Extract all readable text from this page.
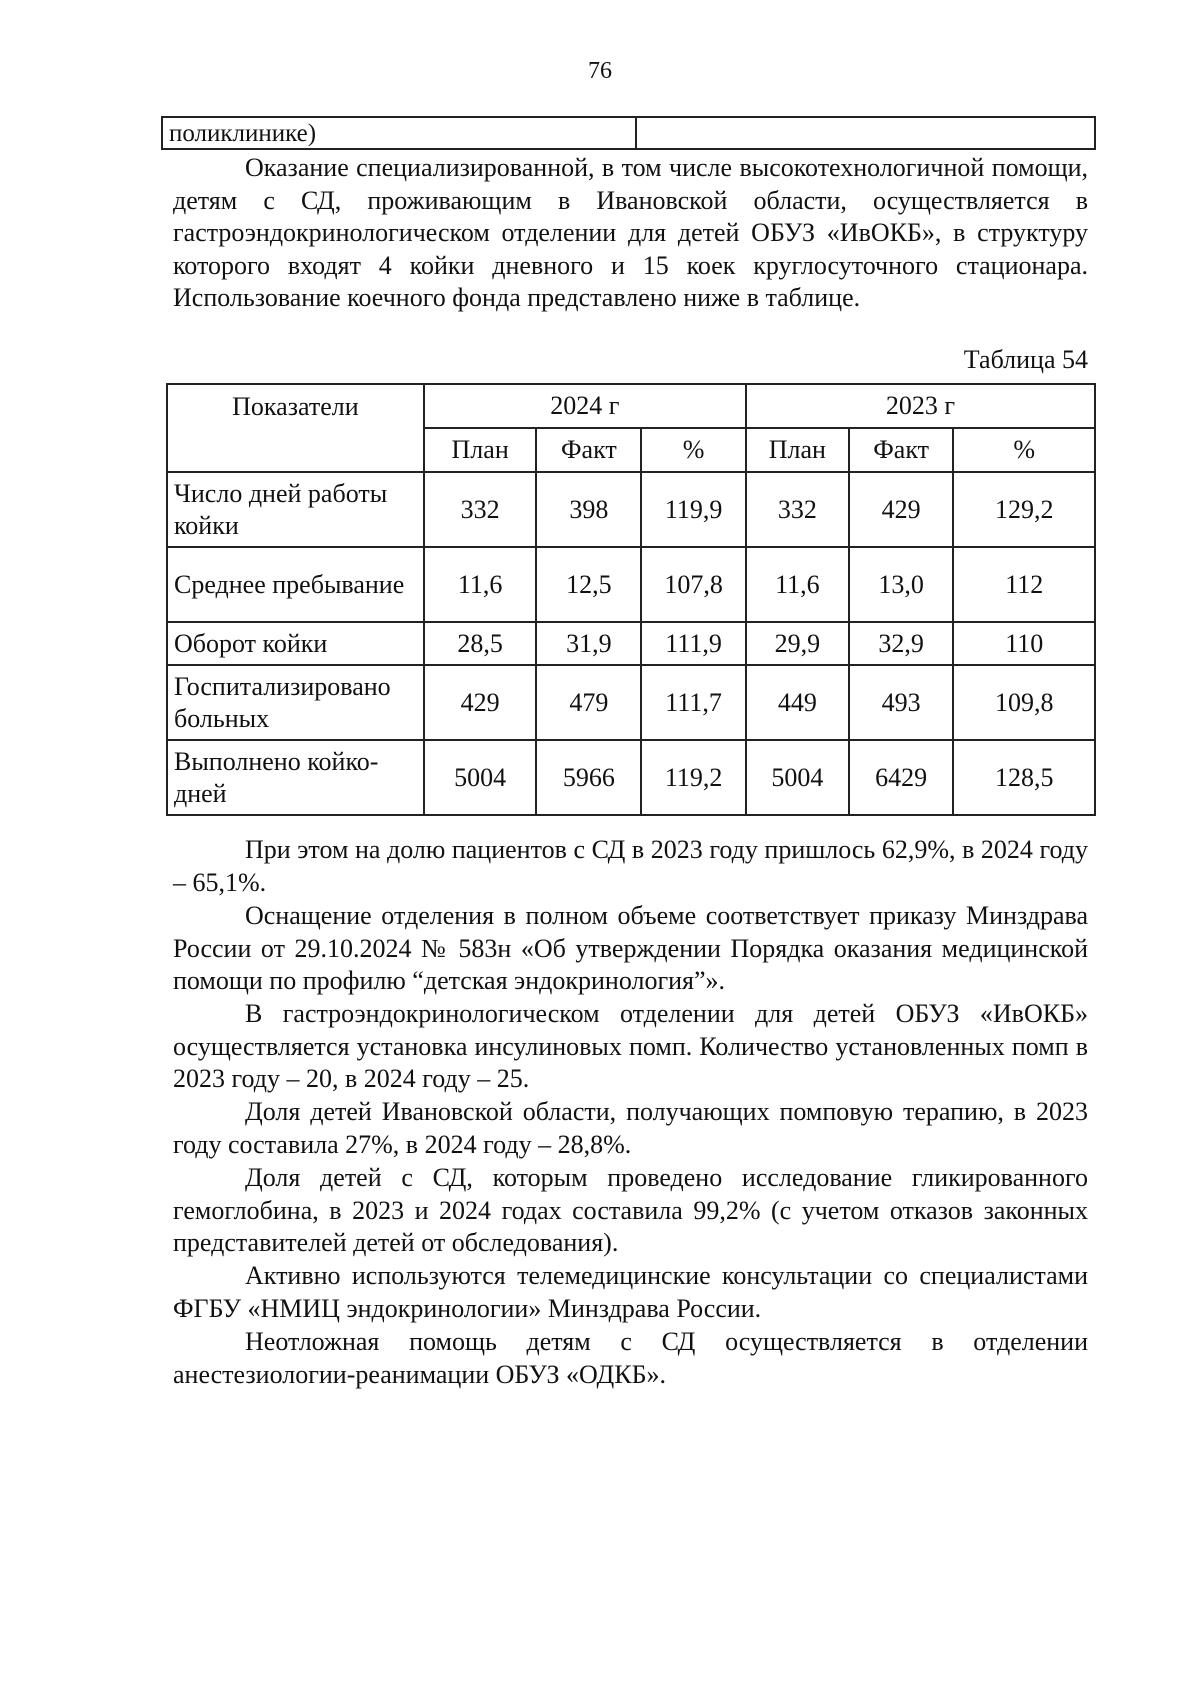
76
поликлинике)	

Оказание специализированной, в том числе высокотехнологичной помощи, детям с СД, проживающим в Ивановской области, осуществляется в гастроэндокринологическом отделении для детей ОБУЗ «ИвОКБ», в структуру которого входят 4 койки дневного и 15 коек круглосуточного стационара. Использование коечного фонда представлено ниже в таблице.

Таблица 54
Показатели	2024 г			2023 г		
	План	Факт	%	План	Факт	%
Число дней работы койки	332	398	119,9	332	429	129,2
Среднее пребывание	11,6	12,5	107,8	11,6	13,0	112
Оборот койки	28,5	31,9	111,9	29,9	32,9	110
Госпитализировано больных	429	479	111,7	449	493	109,8
Выполнено койко-дней	5004	5966	119,2	5004	6429	128,5

При этом на долю пациентов с СД в 2023 году пришлось 62,9%, в 2024 году – 65,1%.

Оснащение отделения в полном объеме соответствует приказу Минздрава России от 29.10.2024 № 583н «Об утверждении Порядка оказания медицинской помощи по профилю “детская эндокринология”».

В гастроэндокринологическом отделении для детей ОБУЗ «ИвОКБ» осуществляется установка инсулиновых помп. Количество установленных помп в 2023 году – 20, в 2024 году – 25.

Доля детей Ивановской области, получающих помповую терапию, в 2023 году составила 27%, в 2024 году – 28,8%.

Доля детей с СД, которым проведено исследование гликированного гемоглобина, в 2023 и 2024 годах составила 99,2% (с учетом отказов законных представителей детей от обследования).

Активно используются телемедицинские консультации со специалистами ФГБУ «НМИЦ эндокринологии» Минздрава России.

Неотложная помощь детям с СД осуществляется в отделении анестезиологии-реанимации ОБУЗ «ОДКБ».
